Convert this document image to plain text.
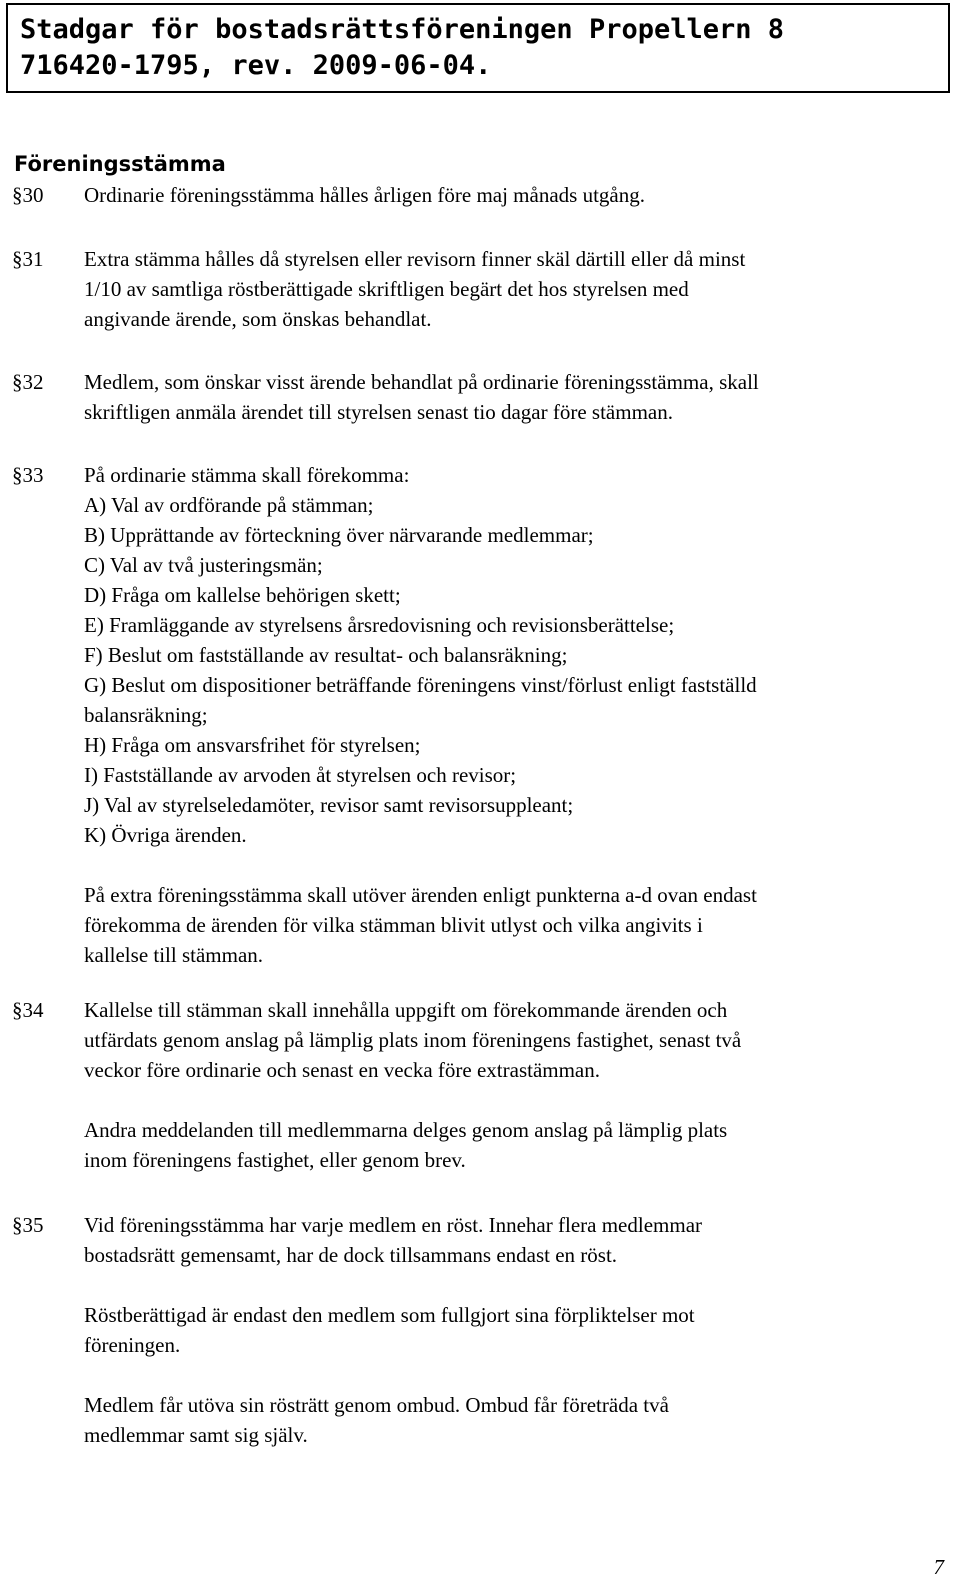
Stadgar för bostadsrättsföreningen Propellern 8
716420-1795, rev. 2009-06-04.
Föreningsstämma
§30 Ordinarie föreningsstämma hålles årligen före maj månads utgång.

§31 Extra stämma hålles då styrelsen eller revisorn finner skäl därtill eller då minst

1/10 av samtliga röstberättigade skriftligen begärt det hos styrelsen med

angivande ärende, som önskas behandlat.

§32 Medlem, som önskar visst ärende behandlat på ordinarie föreningsstämma, skall

skriftligen anmäla ärendet till styrelsen senast tio dagar före stämman.

§33 På ordinarie stämma skall förekomma:

A) Val av ordförande på stämman;

B) Upprättande av förteckning över närvarande medlemmar;

C) Val av två justeringsmän;

D) Fråga om kallelse behörigen skett;

E) Framläggande av styrelsens årsredovisning och revisionsberättelse;

F) Beslut om fastställande av resultat- och balansräkning;

G) Beslut om dispositioner beträffande föreningens vinst/förlust enligt fastställd

balansräkning;

H) Fråga om ansvarsfrihet för styrelsen;

I) Fastställande av arvoden åt styrelsen och revisor;

J) Val av styrelseledamöter, revisor samt revisorsuppleant;

K) Övriga ärenden.

På extra föreningsstämma skall utöver ärenden enligt punkterna a-d ovan endast

förekomma de ärenden för vilka stämman blivit utlyst och vilka angivits i

kallelse till stämman.

§34 Kallelse till stämman skall innehålla uppgift om förekommande ärenden och

utfärdats genom anslag på lämplig plats inom föreningens fastighet, senast två

veckor före ordinarie och senast en vecka före extrastämman.

Andra meddelanden till medlemmarna delges genom anslag på lämplig plats

inom föreningens fastighet, eller genom brev.

§35 Vid föreningsstämma har varje medlem en röst. Innehar flera medlemmar

bostadsrätt gemensamt, har de dock tillsammans endast en röst.

Röstberättigad är endast den medlem som fullgjort sina förpliktelser mot

föreningen.

Medlem får utöva sin rösträtt genom ombud. Ombud får företräda två

medlemmar samt sig själv.

7
